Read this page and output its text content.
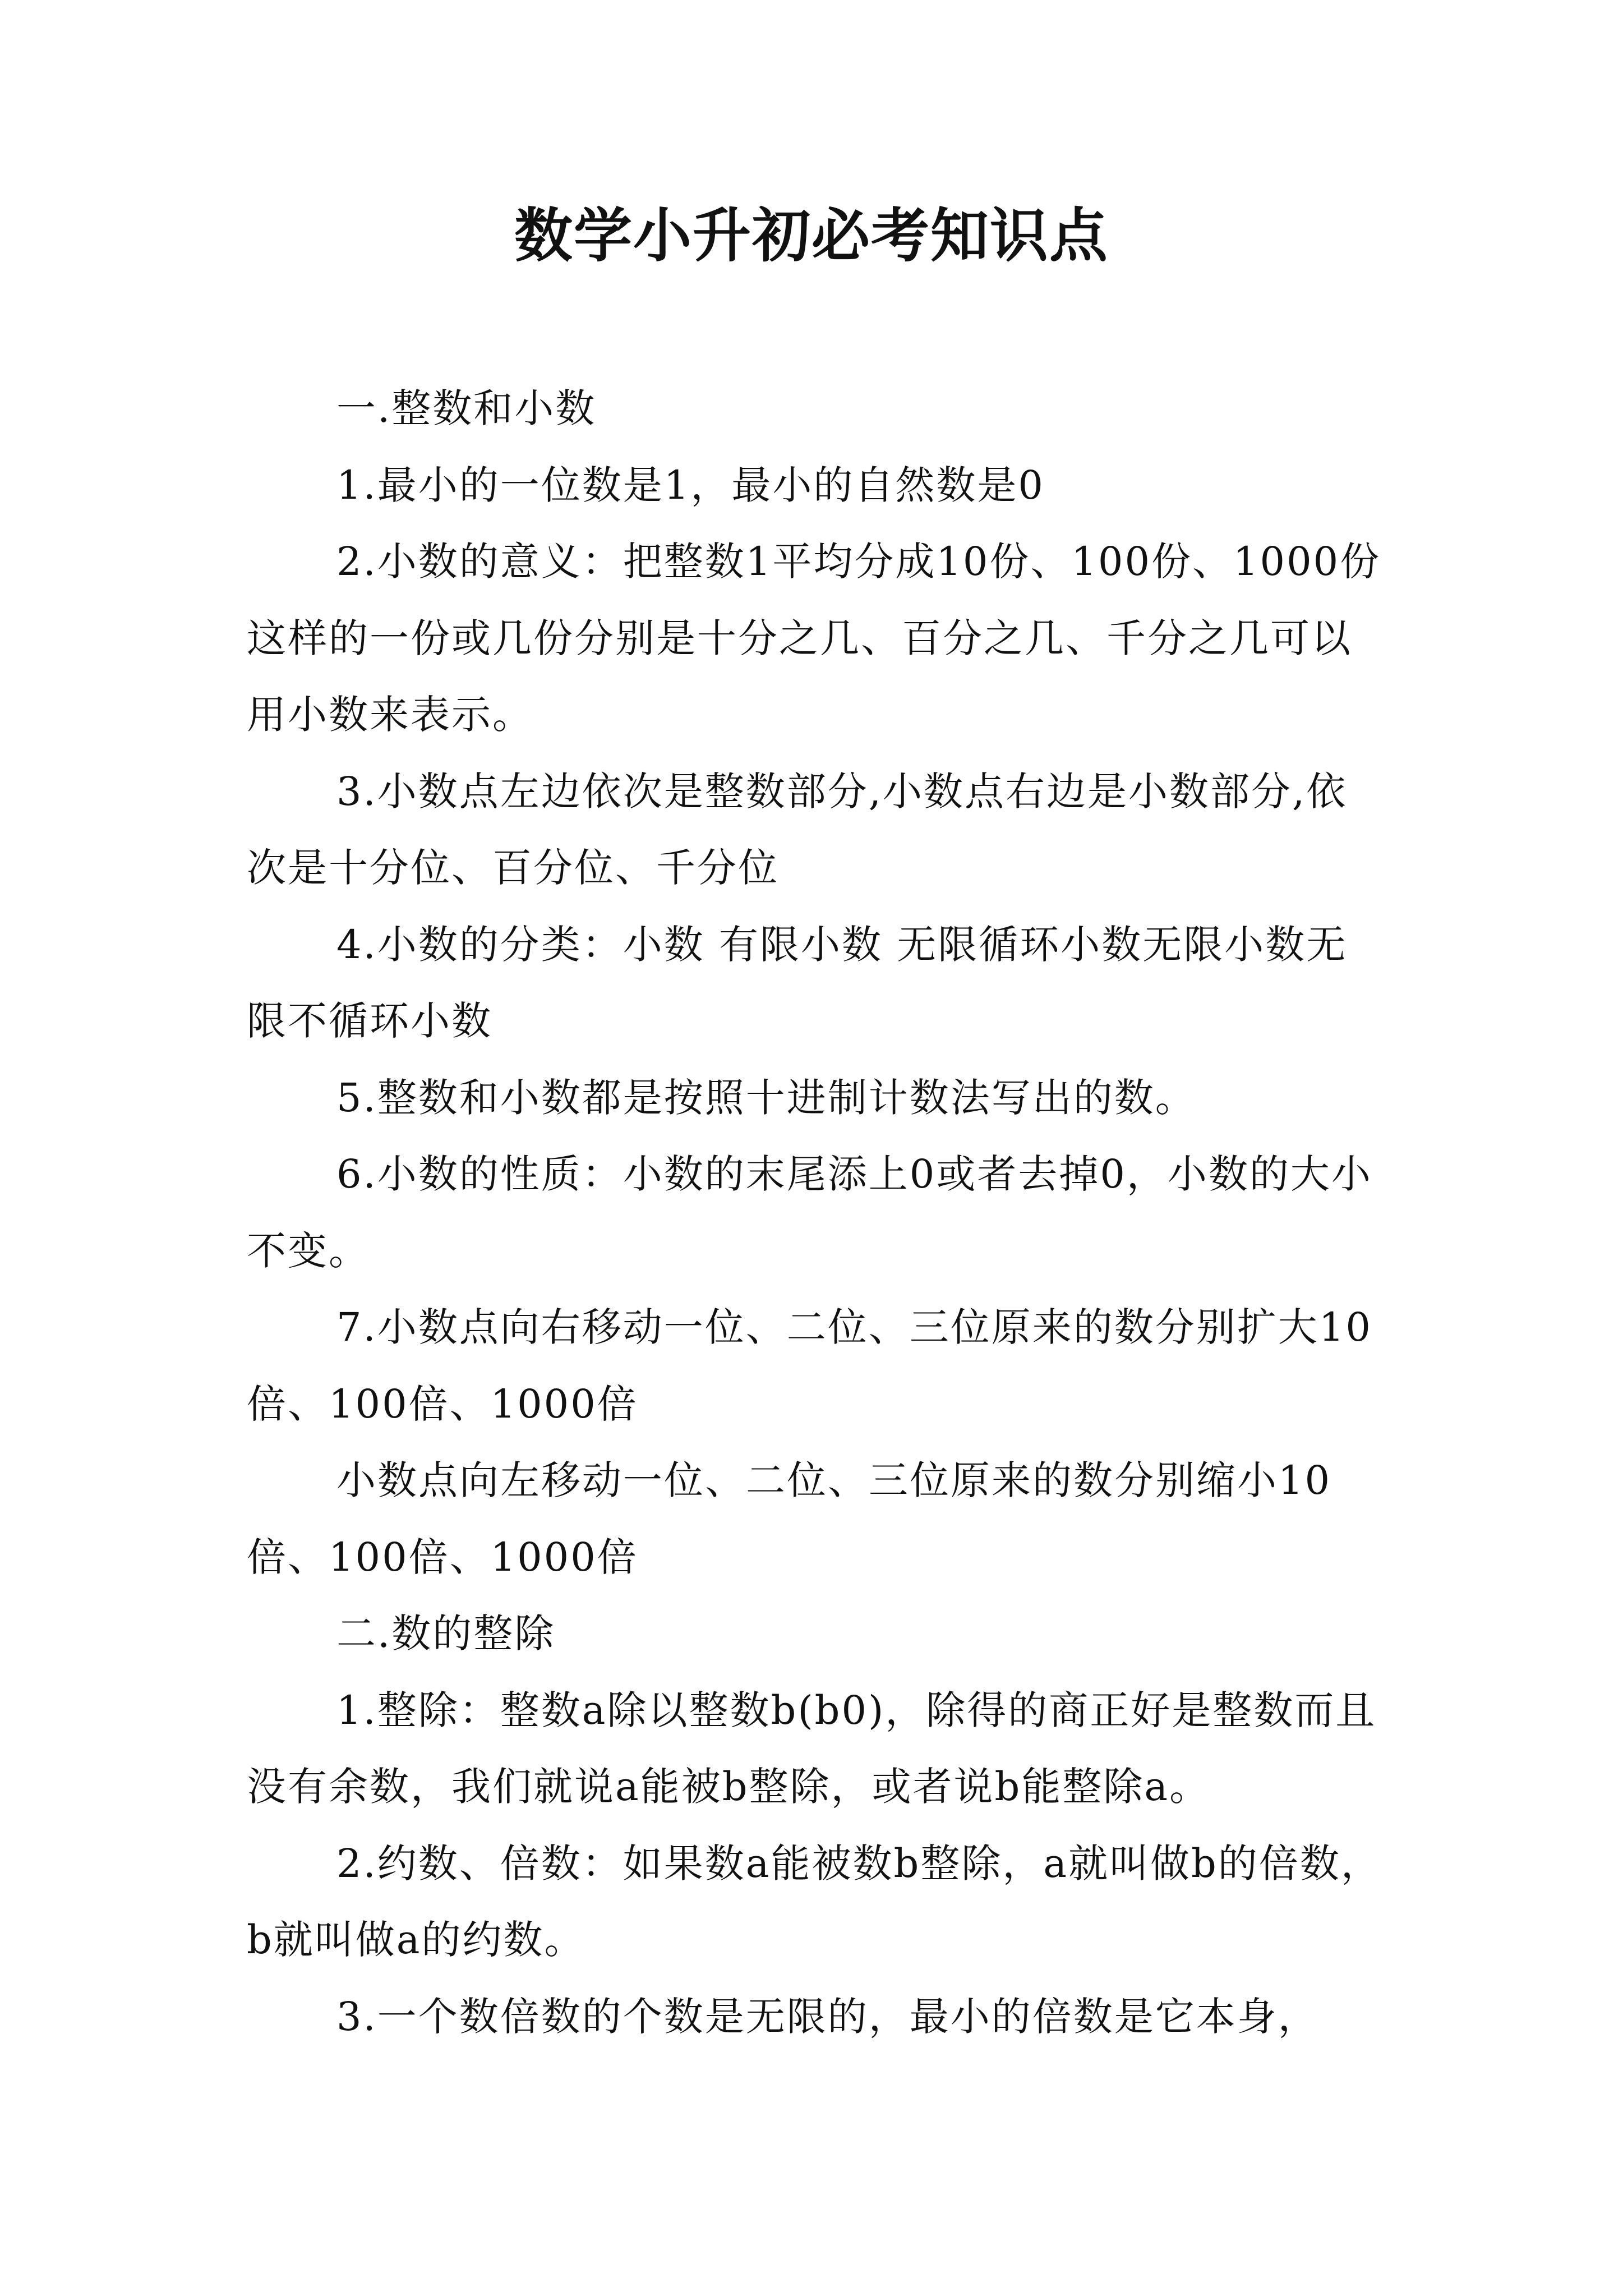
数学小升初必考知识点

一.整数和小数

1.最小的一位数是1，最小的自然数是0

2.小数的意义：把整数1平均分成10份、100份、1000份这样的一份或几份分别是十分之几、百分之几、千分之几可以用小数来表示。

3.小数点左边依次是整数部分,小数点右边是小数部分,依次是十分位、百分位、千分位

4.小数的分类：小数 有限小数 无限循环小数无限小数无限不循环小数

5.整数和小数都是按照十进制计数法写出的数。

6.小数的性质：小数的末尾添上0或者去掉0，小数的大小不变。

7.小数点向右移动一位、二位、三位原来的数分别扩大10倍、100倍、1000倍

小数点向左移动一位、二位、三位原来的数分别缩小10倍、100倍、1000倍

二.数的整除

1.整除：整数a除以整数b(b0)，除得的商正好是整数而且没有余数，我们就说a能被b整除，或者说b能整除a。

2.约数、倍数：如果数a能被数b整除，a就叫做b的倍数，b就叫做a的约数。

3.一个数倍数的个数是无限的，最小的倍数是它本身，
